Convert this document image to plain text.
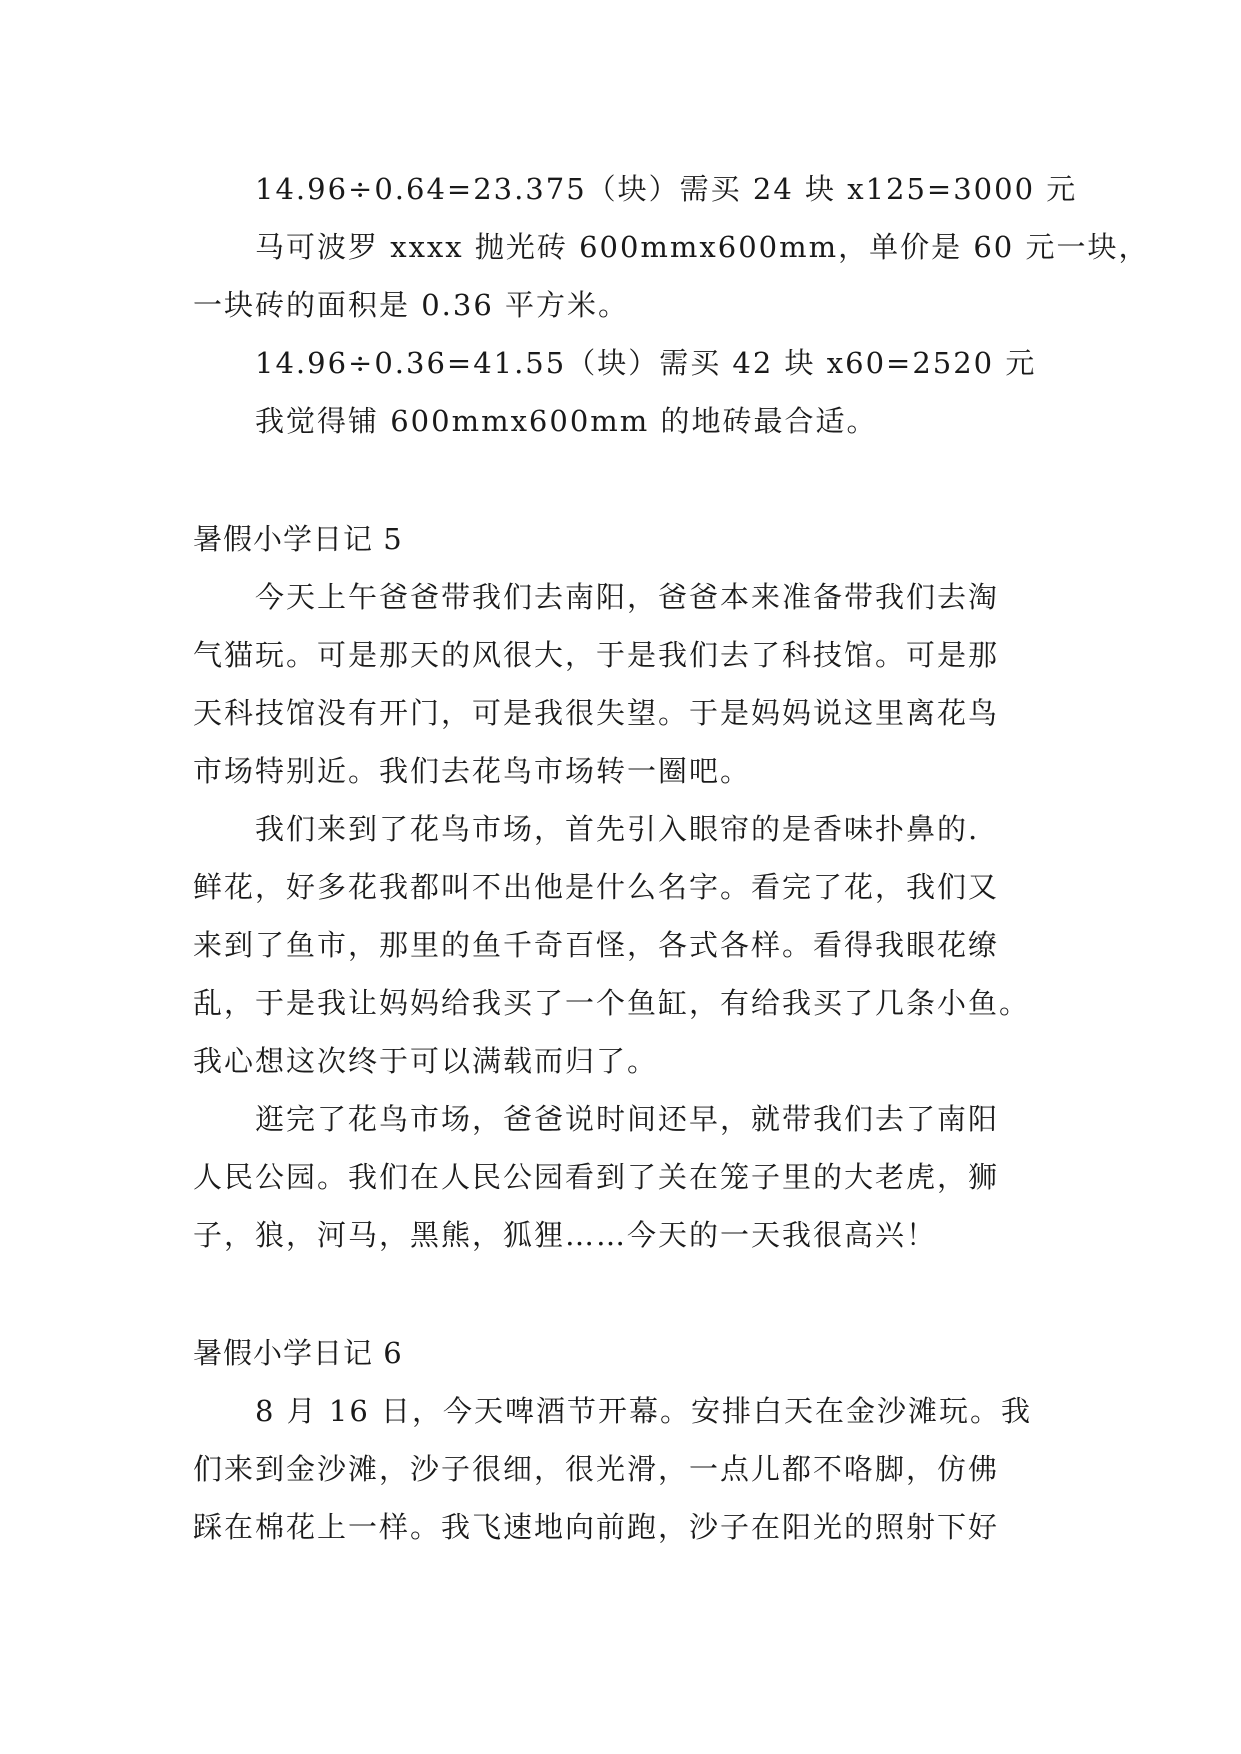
14.96÷0.64=23.375（块）需买 24 块 x125=3000 元
马可波罗 xxxx 抛光砖 600mmx600mm，单价是 60 元一块，
一块砖的面积是 0.36 平方米。
14.96÷0.36=41.55（块）需买 42 块 x60=2520 元
我觉得铺 600mmx600mm 的地砖最合适。
暑假小学日记 5
今天上午爸爸带我们去南阳，爸爸本来准备带我们去淘
气猫玩。可是那天的风很大，于是我们去了科技馆。可是那
天科技馆没有开门，可是我很失望。于是妈妈说这里离花鸟
市场特别近。我们去花鸟市场转一圈吧。
我们来到了花鸟市场，首先引入眼帘的是香味扑鼻的.
鲜花，好多花我都叫不出他是什么名字。看完了花，我们又
来到了鱼市，那里的鱼千奇百怪，各式各样。看得我眼花缭
乱，于是我让妈妈给我买了一个鱼缸，有给我买了几条小鱼。
我心想这次终于可以满载而归了。
逛完了花鸟市场，爸爸说时间还早，就带我们去了南阳
人民公园。我们在人民公园看到了关在笼子里的大老虎，狮
子，狼，河马，黑熊，狐狸……今天的一天我很高兴！
暑假小学日记 6
8 月 16 日，今天啤酒节开幕。安排白天在金沙滩玩。我
们来到金沙滩，沙子很细，很光滑，一点儿都不咯脚，仿佛
踩在棉花上一样。我飞速地向前跑，沙子在阳光的照射下好
